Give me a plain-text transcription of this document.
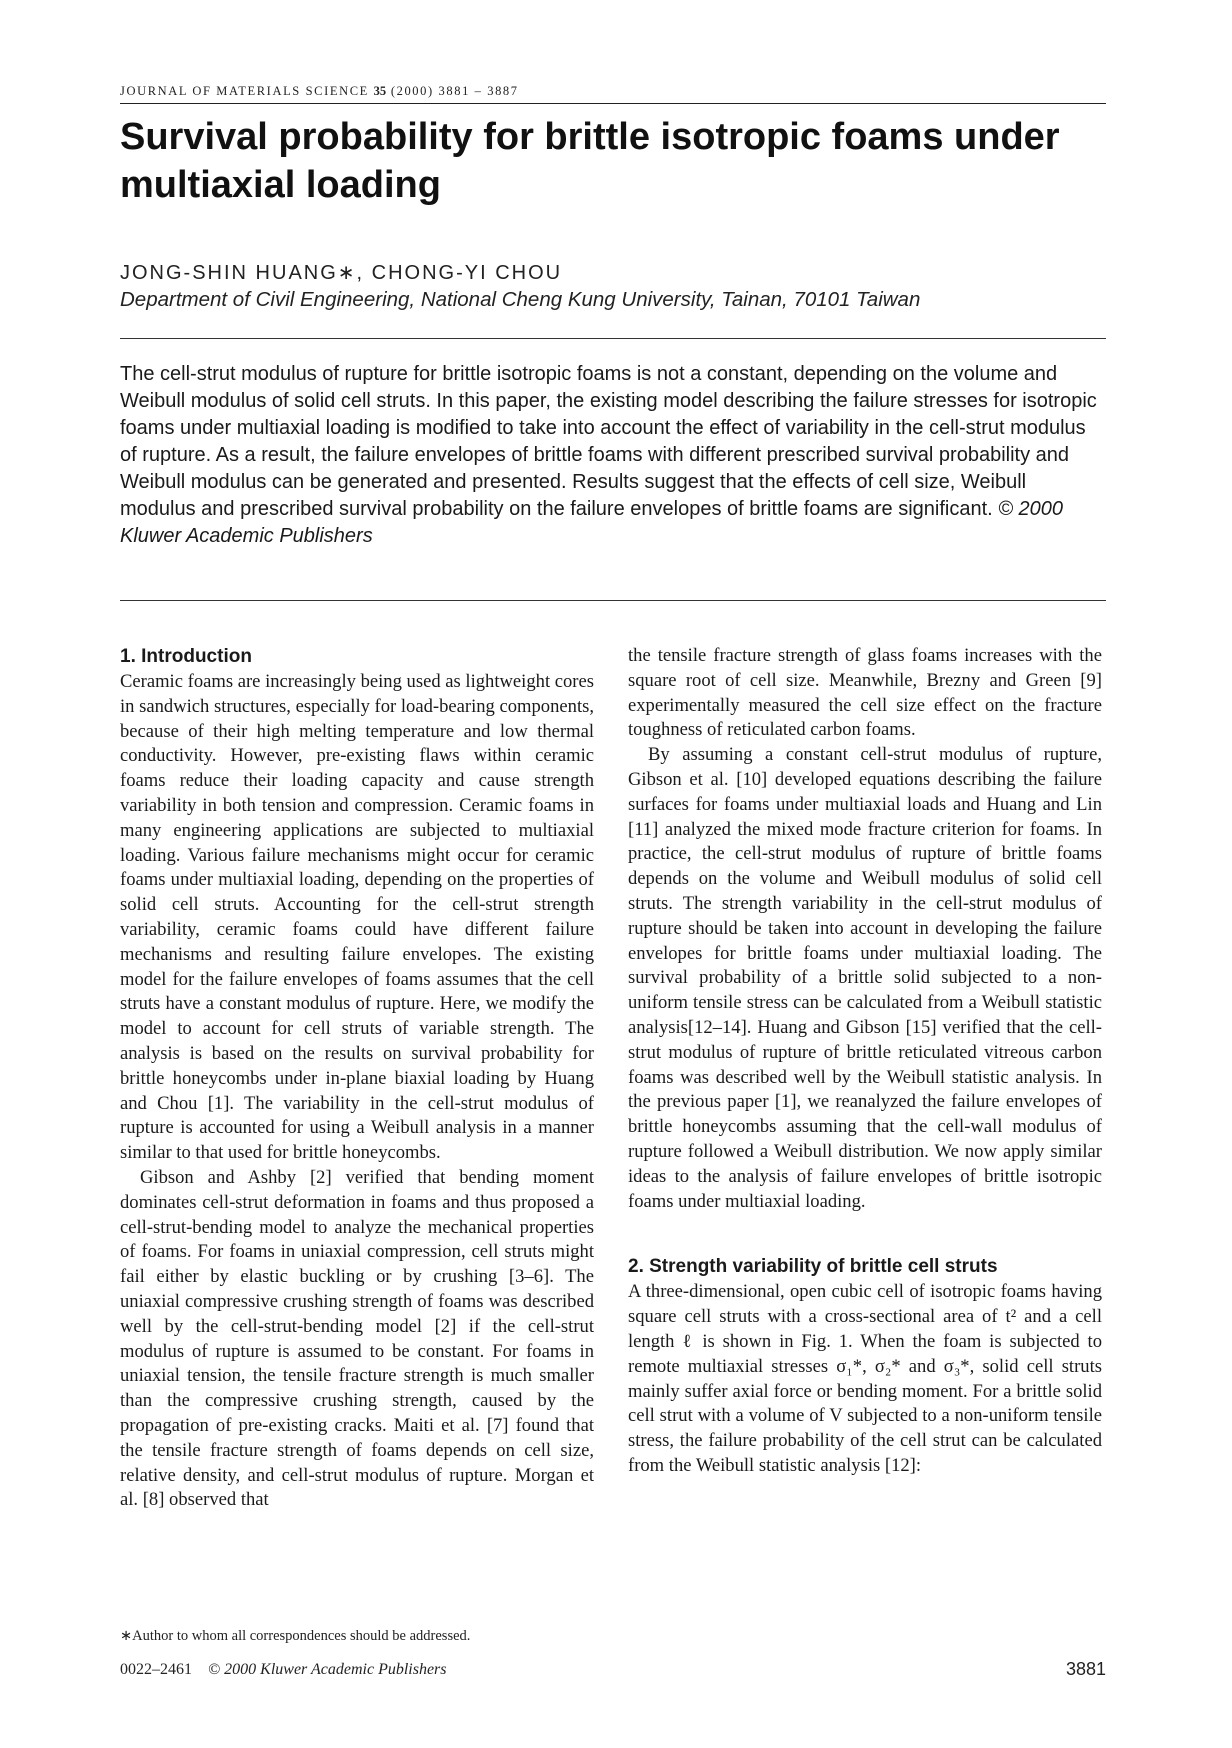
JOURNAL OF MATERIALS SCIENCE 35 (2000) 3881 – 3887
Survival probability for brittle isotropic foams under multiaxial loading
JONG-SHIN HUANG∗, CHONG-YI CHOU
Department of Civil Engineering, National Cheng Kung University, Tainan, 70101 Taiwan

The cell-strut modulus of rupture for brittle isotropic foams is not a constant, depending on the volume and Weibull modulus of solid cell struts. In this paper, the existing model describing the failure stresses for isotropic foams under multiaxial loading is modified to take into account the effect of variability in the cell-strut modulus of rupture. As a result, the failure envelopes of brittle foams with different prescribed survival probability and Weibull modulus can be generated and presented. Results suggest that the effects of cell size, Weibull modulus and prescribed survival probability on the failure envelopes of brittle foams are significant. © 2000 Kluwer Academic Publishers

1. Introduction

Ceramic foams are increasingly being used as lightweight cores in sandwich structures, especially for load-bearing components, because of their high melting temperature and low thermal conductivity. However, pre-existing flaws within ceramic foams reduce their loading capacity and cause strength variability in both tension and compression. Ceramic foams in many engineering applications are subjected to multiaxial loading. Various failure mechanisms might occur for ceramic foams under multiaxial loading, depending on the properties of solid cell struts. Accounting for the cell-strut strength variability, ceramic foams could have different failure mechanisms and resulting failure envelopes. The existing model for the failure envelopes of foams assumes that the cell struts have a constant modulus of rupture. Here, we modify the model to account for cell struts of variable strength. The analysis is based on the results on survival probability for brittle honeycombs under in-plane biaxial loading by Huang and Chou [1]. The variability in the cell-strut modulus of rupture is accounted for using a Weibull analysis in a manner similar to that used for brittle honeycombs.

Gibson and Ashby [2] verified that bending moment dominates cell-strut deformation in foams and thus proposed a cell-strut-bending model to analyze the mechanical properties of foams. For foams in uniaxial compression, cell struts might fail either by elastic buckling or by crushing [3–6]. The uniaxial compressive crushing strength of foams was described well by the cell-strut-bending model [2] if the cell-strut modulus of rupture is assumed to be constant. For foams in uniaxial tension, the tensile fracture strength is much smaller than the compressive crushing strength, caused by the propagation of pre-existing cracks. Maiti et al. [7] found that the tensile fracture strength of foams depends on cell size, relative density, and cell-strut modulus of rupture. Morgan et al. [8] observed that

the tensile fracture strength of glass foams increases with the square root of cell size. Meanwhile, Brezny and Green [9] experimentally measured the cell size effect on the fracture toughness of reticulated carbon foams.

By assuming a constant cell-strut modulus of rupture, Gibson et al. [10] developed equations describing the failure surfaces for foams under multiaxial loads and Huang and Lin [11] analyzed the mixed mode fracture criterion for foams. In practice, the cell-strut modulus of rupture of brittle foams depends on the volume and Weibull modulus of solid cell struts. The strength variability in the cell-strut modulus of rupture should be taken into account in developing the failure envelopes for brittle foams under multiaxial loading. The survival probability of a brittle solid subjected to a non-uniform tensile stress can be calculated from a Weibull statistic analysis[12–14]. Huang and Gibson [15] verified that the cell-strut modulus of rupture of brittle reticulated vitreous carbon foams was described well by the Weibull statistic analysis. In the previous paper [1], we reanalyzed the failure envelopes of brittle honeycombs assuming that the cell-wall modulus of rupture followed a Weibull distribution. We now apply similar ideas to the analysis of failure envelopes of brittle isotropic foams under multiaxial loading.

2. Strength variability of brittle cell struts

A three-dimensional, open cubic cell of isotropic foams having square cell struts with a cross-sectional area of t² and a cell length ℓ is shown in Fig. 1. When the foam is subjected to remote multiaxial stresses σ₁*, σ₂* and σ₃*, solid cell struts mainly suffer axial force or bending moment. For a brittle solid cell strut with a volume of V subjected to a non-uniform tensile stress, the failure probability of the cell strut can be calculated from the Weibull statistic analysis [12]:

∗Author to whom all correspondences should be addressed.
0022–2461 © 2000 Kluwer Academic Publishers	3881
